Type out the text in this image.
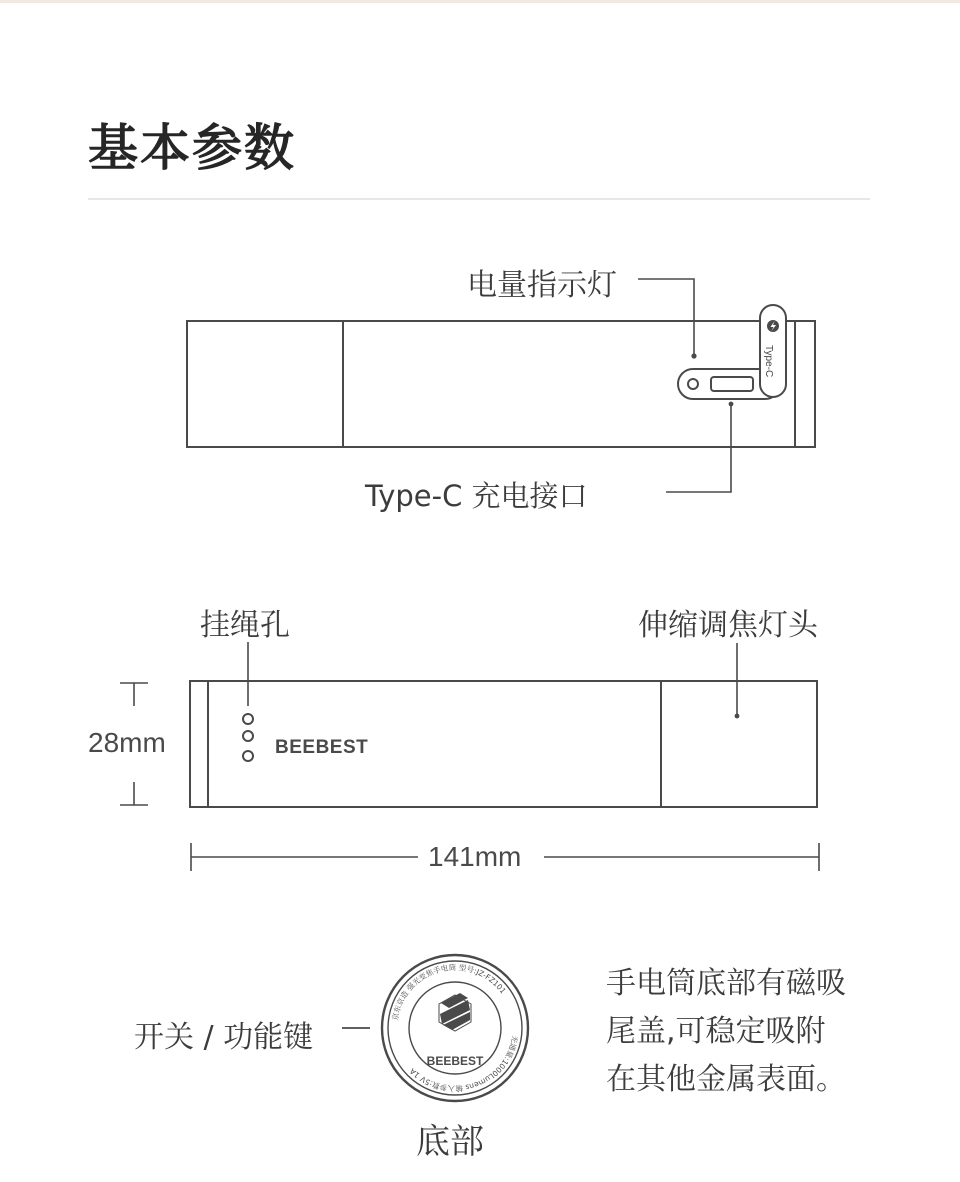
基本参数
Type-C
BEEBEST
BEEBEST
京东京造 强光变焦手电筒 型号:JZ-FZ101
光通量:1000Lumens 输入参数:5V 1A
电量指示灯
Type-C 充电接口
挂绳孔	伸缩调焦灯头
28mm
141mm
开关 / 功能键
底部
手电筒底部有磁吸
尾盖,可稳定吸附
在其他金属表面。
